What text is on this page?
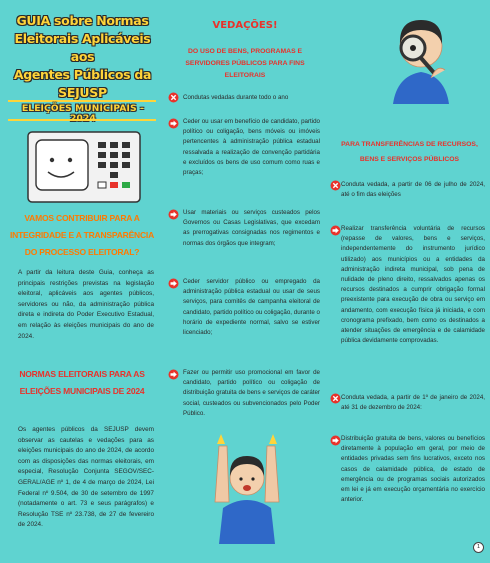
GUIA sobre Normas
Eleitorais Aplicáveis aos
Agentes Públicos da SEJUSP
ELEIÇÕES MUNICIPAIS -
VAMOS CONTRIBUIR PARA A INTEGRIDADE E A TRANSPARÊNCIA DO PROCESSO ELEITORAL?
A partir da leitura deste Guia, conheça as principais restrições previstas na legislação eleitoral, aplicáveis aos agentes públicos, servidores ou não, da administração pública direta e indireta do Poder Executivo Estadual, em relação às eleições municipais do ano de 2024.
NORMAS ELEITORAIS PARA AS ELEIÇÕES MUNICIPAIS DE 2024
Os agentes públicos da SEJUSP devem observar as cautelas e vedações para as eleições municipais do ano de 2024, de acordo com as disposições das normas eleitorais, em especial, Resolução Conjunta SEGOV/SEC-GERAL/AGE nº 1, de 4 de março de 2024, Lei Federal nº 9.504, de 30 de setembro de 1997 (notadamente o art. 73 e seus parágrafos) e Resolução TSE nº 23.738, de 27 de fevereiro de 2024.
VEDAÇÕES!
DO USO DE BENS, PROGRAMAS E SERVIDORES PÚBLICOS PARA FINS ELEITORAIS
Condutas vedadas durante todo o ano
Ceder ou usar em benefício de candidato, partido político ou coligação, bens móveis ou imóveis pertencentes à administração pública estadual ressalvada a realização de convenção partidária e excluídos os bens de uso comum como ruas e praças;
Usar materiais ou serviços custeados pelos Governos ou Casas Legislativas, que excedam as prerrogativas consignadas nos regimentos e normas dos órgãos que integram;
Ceder servidor público ou empregado da administração pública estadual ou usar de seus serviços, para comitês de campanha eleitoral de candidato, partido político ou coligação, durante o horário de expediente normal, salvo se estiver licenciado;
Fazer ou permitir uso promocional em favor de candidato, partido político ou coligação de distribuição gratuita de bens e serviços de caráter social, custeados ou subvencionados pelo Poder Público.
PARA TRANSFERÊNCIAS DE RECURSOS, BENS E SERVIÇOS PÚBLICOS
Conduta vedada, a partir de 06 de julho de 2024, até o fim das eleições
Realizar transferência voluntária de recursos (repasse de valores, bens e serviços, independentemente do instrumento jurídico utilizado) aos municípios ou a entidades da administração indireta municipal, sob pena de nulidade de pleno direito, ressalvados apenas os recursos destinados a cumprir obrigação formal preexistente para execução de obra ou serviço em andamento, com execução física já iniciada, e com cronograma prefixado, bem como os destinados a atender situações de emergência e de calamidade pública devidamente comprovadas.
Conduta vedada, a partir de 1º de janeiro de 2024, até 31 de dezembro de 2024:
Distribuição gratuita de bens, valores ou benefícios diretamente à população em geral, por meio de entidades privadas sem fins lucrativos, exceto nos casos de calamidade pública, de estado de emergência ou de programas sociais autorizados em lei e já em execução orçamentária no exercício anterior.
1
